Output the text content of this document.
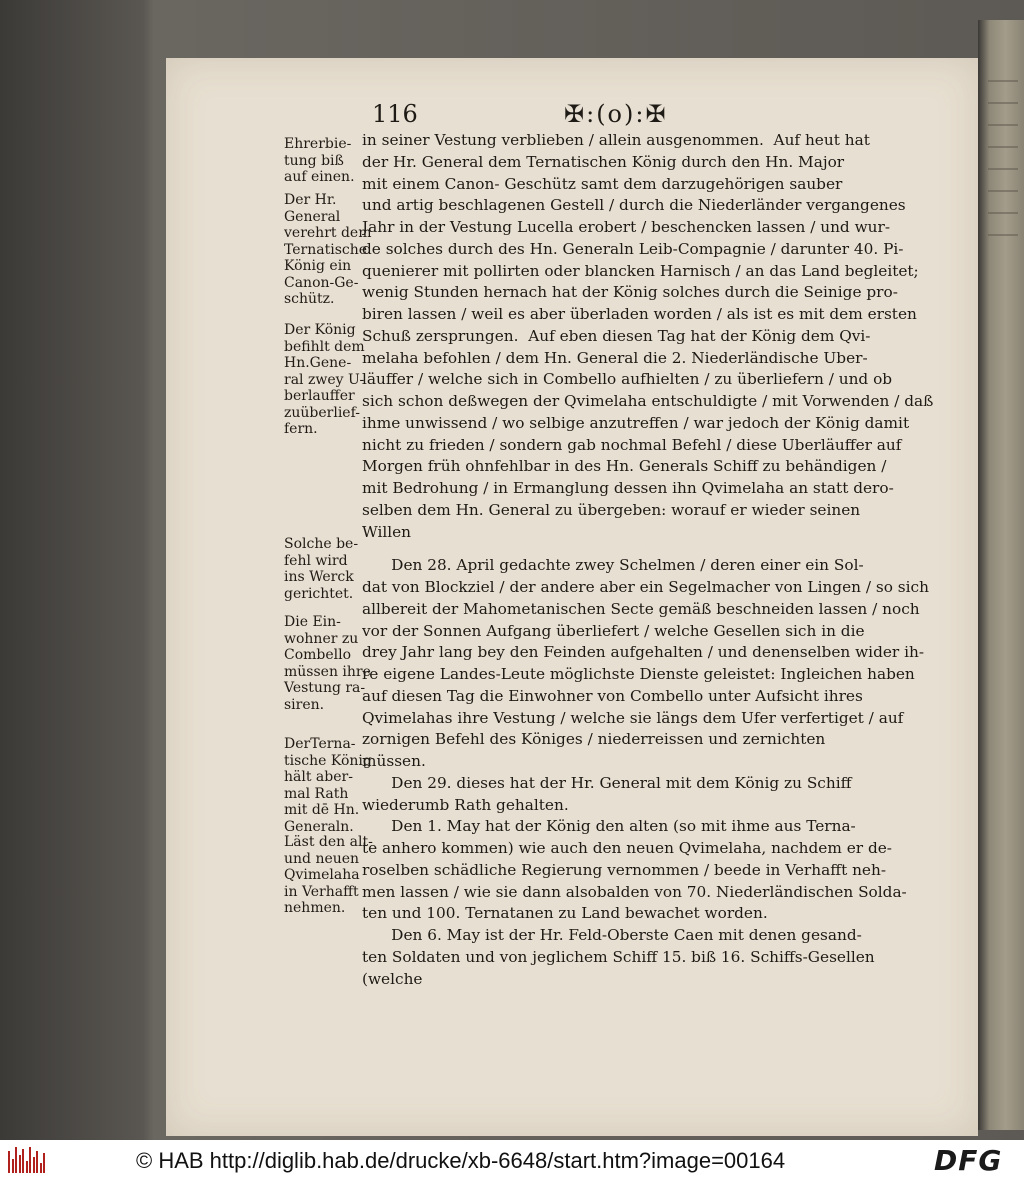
116	✠:(o):✠
Ehrerbie-
tung biß
auf einen.
Der Hr.
General
verehrt dem
Ternatische
König ein
Canon-Ge-
schütz.
Der König
befihlt dem
Hn.Gene-
ral zwey U-
berlauffer
zuüberlief-
fern.
Solche be-
fehl wird
ins Werck
gerichtet.
Die Ein-
wohner zu
Combello
müssen ihre
Vestung ra-
siren.
DerTerna-
tische König
hält aber-
mal Rath
mit dē Hn.
Generaln.
Läst den alt-
und neuen
Qvimelaha
in Verhafft
nehmen.
in seiner Vestung verblieben / allein ausgenommen.  Auf heut hat
der Hr. General dem Ternatischen König durch den Hn. Major
mit einem Canon- Geschütz samt dem darzugehörigen sauber
und artig beschlagenen Gestell / durch die Niederländer vergangenes
Jahr in der Vestung Lucella erobert / beschencken lassen / und wur-
de solches durch des Hn. Generaln Leib-Compagnie / darunter 40. Pi-
quenierer mit pollirten oder blancken Harnisch / an das Land begleitet;
wenig Stunden hernach hat der König solches durch die Seinige pro-
biren lassen / weil es aber überladen worden / als ist es mit dem ersten
Schuß zersprungen.  Auf eben diesen Tag hat der König dem Qvi-
melaha befohlen / dem Hn. General die 2. Niederländische Uber-
läuffer / welche sich in Combello aufhielten / zu überliefern / und ob
sich schon deßwegen der Qvimelaha entschuldigte / mit Vorwenden / daß
ihme unwissend / wo selbige anzutreffen / war jedoch der König damit
nicht zu frieden / sondern gab nochmal Befehl / diese Uberläuffer auf
Morgen früh ohnfehlbar in des Hn. Generals Schiff zu behändigen /
mit Bedrohung / in Ermanglung dessen ihn Qvimelaha an statt dero-
selben dem Hn. General zu übergeben: worauf er wieder seinen
Willen
Den 28. April gedachte zwey Schelmen / deren einer ein Sol-
dat von Blockziel / der andere aber ein Segelmacher von Lingen / so sich
allbereit der Mahometanischen Secte gemäß beschneiden lassen / noch
vor der Sonnen Aufgang überliefert / welche Gesellen sich in die
drey Jahr lang bey den Feinden aufgehalten / und denenselben wider ih-
re eigene Landes-Leute möglichste Dienste geleistet: Ingleichen haben
auf diesen Tag die Einwohner von Combello unter Aufsicht ihres
Qvimelahas ihre Vestung / welche sie längs dem Ufer verfertiget / auf
zornigen Befehl des Königes / niederreissen und zernichten
müssen.
Den 29. dieses hat der Hr. General mit dem König zu Schiff
wiederumb Rath gehalten.
Den 1. May hat der König den alten (so mit ihme aus Terna-
te anhero kommen) wie auch den neuen Qvimelaha, nachdem er de-
roselben schädliche Regierung vernommen / beede in Verhafft neh-
men lassen / wie sie dann alsobalden von 70. Niederländischen Solda-
ten und 100. Ternatanen zu Land bewachet worden.
Den 6. May ist der Hr. Feld-Oberste Caen mit denen gesand-
ten Soldaten und von jeglichem Schiff 15. biß 16. Schiffs-Gesellen
(welche
© HAB http://diglib.hab.de/drucke/xb-6648/start.htm?image=00164	DFG
